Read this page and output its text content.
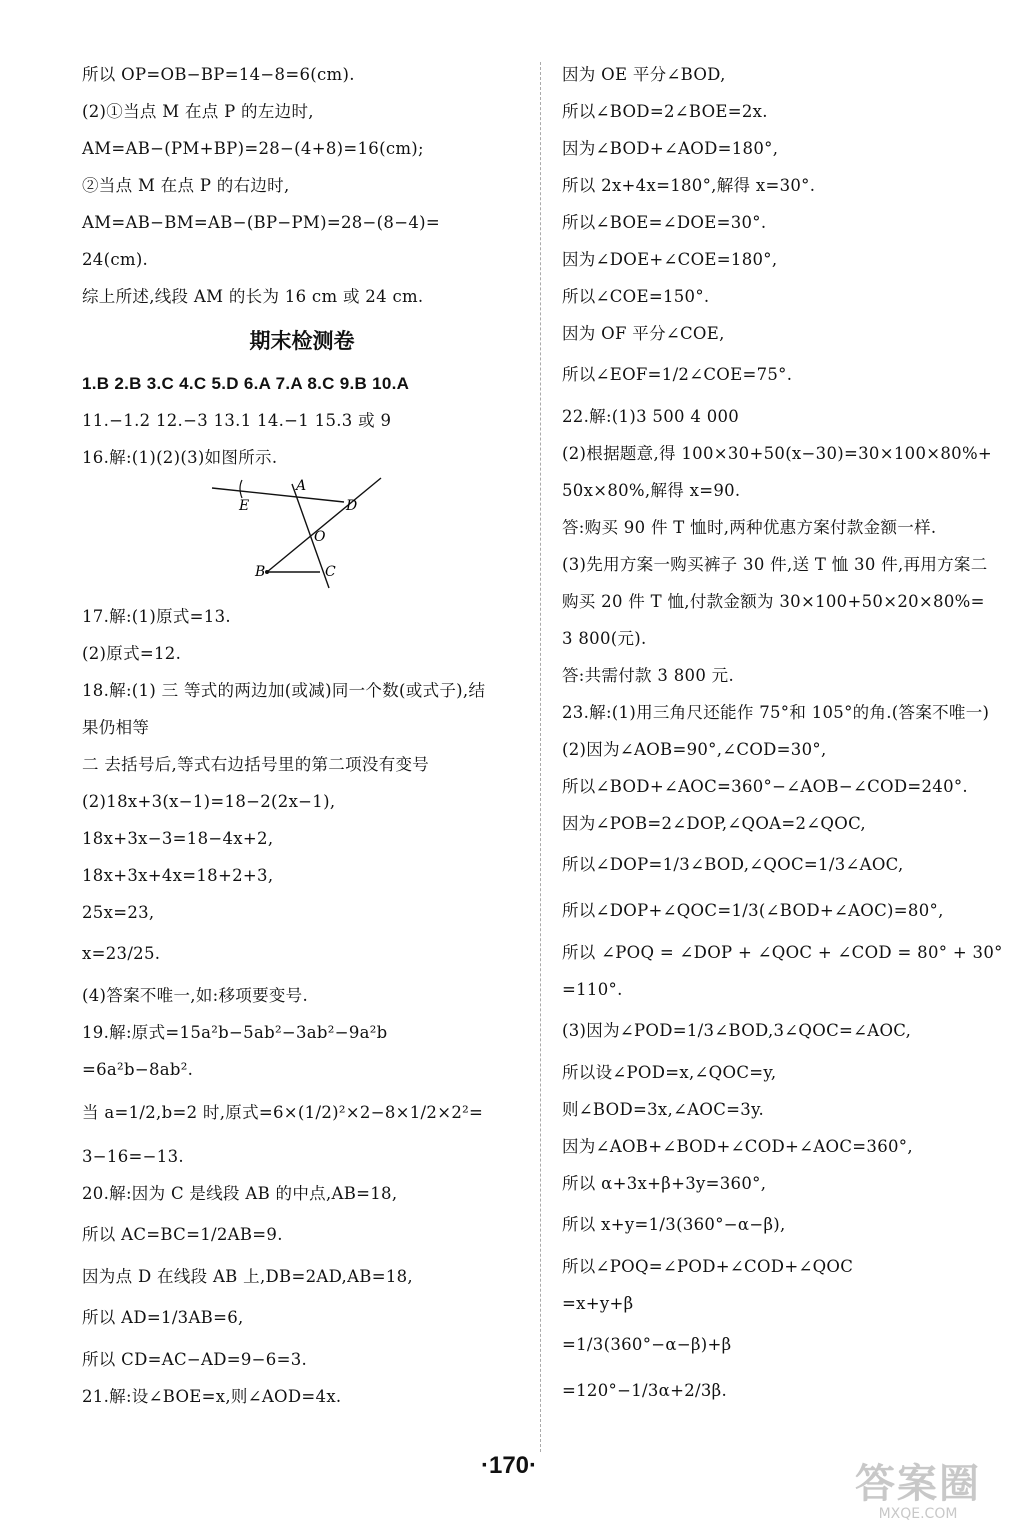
所以 OP=OB−BP=14−8=6(cm).
(2)①当点 M 在点 P 的左边时,
AM=AB−(PM+BP)=28−(4+8)=16(cm);
②当点 M 在点 P 的右边时,
AM=AB−BM=AB−(BP−PM)=28−(8−4)=
24(cm).
综上所述,线段 AM 的长为 16 cm 或 24 cm.
期末检测卷
1.B 2.B 3.C 4.C 5.D 6.A 7.A 8.C 9.B 10.A
11.−1.2 12.−3 13.1 14.−1 15.3 或 9
16.解:(1)(2)(3)如图所示.
E
A
D
O
B	C
17.解:(1)原式=13.
(2)原式=12.
18.解:(1) 三 等式的两边加(或减)同一个数(或式子),结
果仍相等
二 去括号后,等式右边括号里的第二项没有变号
(2)18x+3(x−1)=18−2(2x−1),
18x+3x−3=18−4x+2,
18x+3x+4x=18+2+3,
25x=23,
x=23/25.
(4)答案不唯一,如:移项要变号.
19.解:原式=15a²b−5ab²−3ab²−9a²b
=6a²b−8ab².
当 a=1/2,b=2 时,原式=6×(1/2)²×2−8×1/2×2²=
3−16=−13.
20.解:因为 C 是线段 AB 的中点,AB=18,
所以 AC=BC=1/2AB=9.
因为点 D 在线段 AB 上,DB=2AD,AB=18,
所以 AD=1/3AB=6,
所以 CD=AC−AD=9−6=3.
21.解:设∠BOE=x,则∠AOD=4x.
因为 OE 平分∠BOD,
所以∠BOD=2∠BOE=2x.
因为∠BOD+∠AOD=180°,
所以 2x+4x=180°,解得 x=30°.
所以∠BOE=∠DOE=30°.
因为∠DOE+∠COE=180°,
所以∠COE=150°.
因为 OF 平分∠COE,
所以∠EOF=1/2∠COE=75°.
22.解:(1)3 500 4 000
(2)根据题意,得 100×30+50(x−30)=30×100×80%+
50x×80%,解得 x=90.
答:购买 90 件 T 恤时,两种优惠方案付款金额一样.
(3)先用方案一购买裤子 30 件,送 T 恤 30 件,再用方案二
购买 20 件 T 恤,付款金额为 30×100+50×20×80%=
3 800(元).
答:共需付款 3 800 元.
23.解:(1)用三角尺还能作 75°和 105°的角.(答案不唯一)
(2)因为∠AOB=90°,∠COD=30°,
所以∠BOD+∠AOC=360°−∠AOB−∠COD=240°.
因为∠POB=2∠DOP,∠QOA=2∠QOC,
所以∠DOP=1/3∠BOD,∠QOC=1/3∠AOC,
所以∠DOP+∠QOC=1/3(∠BOD+∠AOC)=80°,
所以 ∠POQ = ∠DOP + ∠QOC + ∠COD = 80° + 30°
=110°.
(3)因为∠POD=1/3∠BOD,3∠QOC=∠AOC,
所以设∠POD=x,∠QOC=y,
则∠BOD=3x,∠AOC=3y.
因为∠AOB+∠BOD+∠COD+∠AOC=360°,
所以 α+3x+β+3y=360°,
所以 x+y=1/3(360°−α−β),
所以∠POQ=∠POD+∠COD+∠QOC
=x+y+β
=1/3(360°−α−β)+β
=120°−1/3α+2/3β.
·170·	答案圈
MXQE.COM
